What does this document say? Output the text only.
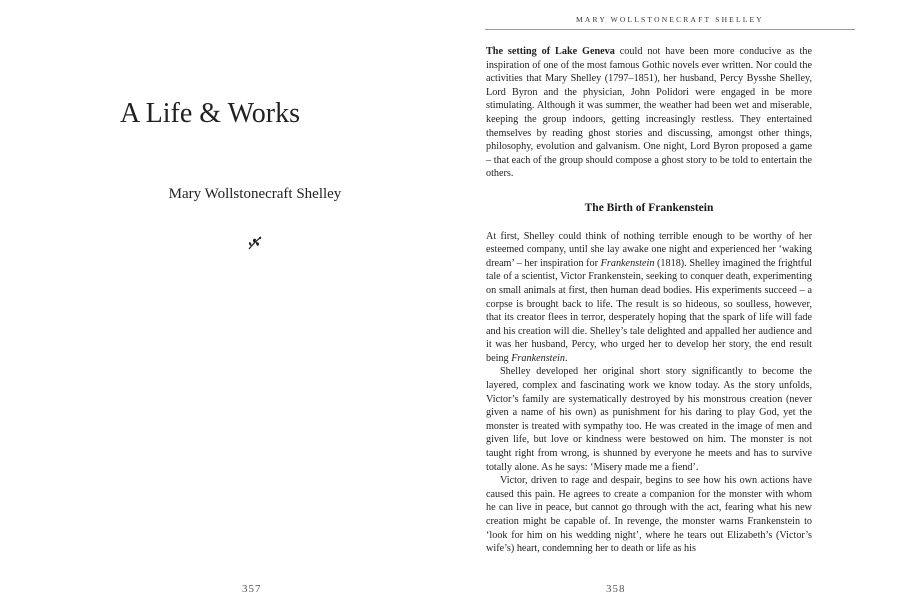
A Life & Works
Mary Wollstonecraft Shelley
357
MARY WOLLSTONECRAFT SHELLEY

The setting of Lake Geneva could not have been more conducive as the inspiration of one of the most famous Gothic novels ever written. Nor could the activities that Mary Shelley (1797–1851), her husband, Percy Bysshe Shelley, Lord Byron and the physician, John Polidori were engaged in be more stimulating. Although it was summer, the weather had been wet and miserable, keeping the group indoors, getting increasingly restless. They entertained themselves by reading ghost stories and discussing, amongst other things, philosophy, evolution and galvanism. One night, Lord Byron proposed a game – that each of the group should compose a ghost story to be told to entertain the others.

The Birth of Frankenstein

At first, Shelley could think of nothing terrible enough to be worthy of her esteemed company, until she lay awake one night and experienced her ‘waking dream’ – her inspiration for Frankenstein (1818). Shelley imagined the frightful tale of a scientist, Victor Frankenstein, seeking to conquer death, experimenting on small animals at first, then human dead bodies. His experiments succeed – a corpse is brought back to life. The result is so hideous, so soulless, however, that its creator flees in terror, desperately hoping that the spark of life will fade and his creation will die. Shelley’s tale delighted and appalled her audience and it was her husband, Percy, who urged her to develop her story, the end result being Frankenstein.

Shelley developed her original short story significantly to become the layered, complex and fascinating work we know today. As the story unfolds, Victor’s family are systematically destroyed by his monstrous creation (never given a name of his own) as punishment for his daring to play God, yet the monster is treated with sympathy too. He was created in the image of men and given life, but love or kindness were bestowed on him. The monster is not taught right from wrong, is shunned by everyone he meets and has to survive totally alone. As he says: ‘Misery made me a fiend’.

Victor, driven to rage and despair, begins to see how his own actions have caused this pain. He agrees to create a companion for the monster with whom he can live in peace, but cannot go through with the act, fearing what his new creation might be capable of. In revenge, the monster warns Frankenstein to ‘look for him on his wedding night’, where he tears out Elizabeth’s (Victor’s wife’s) heart, condemning her to death or life as his

358
